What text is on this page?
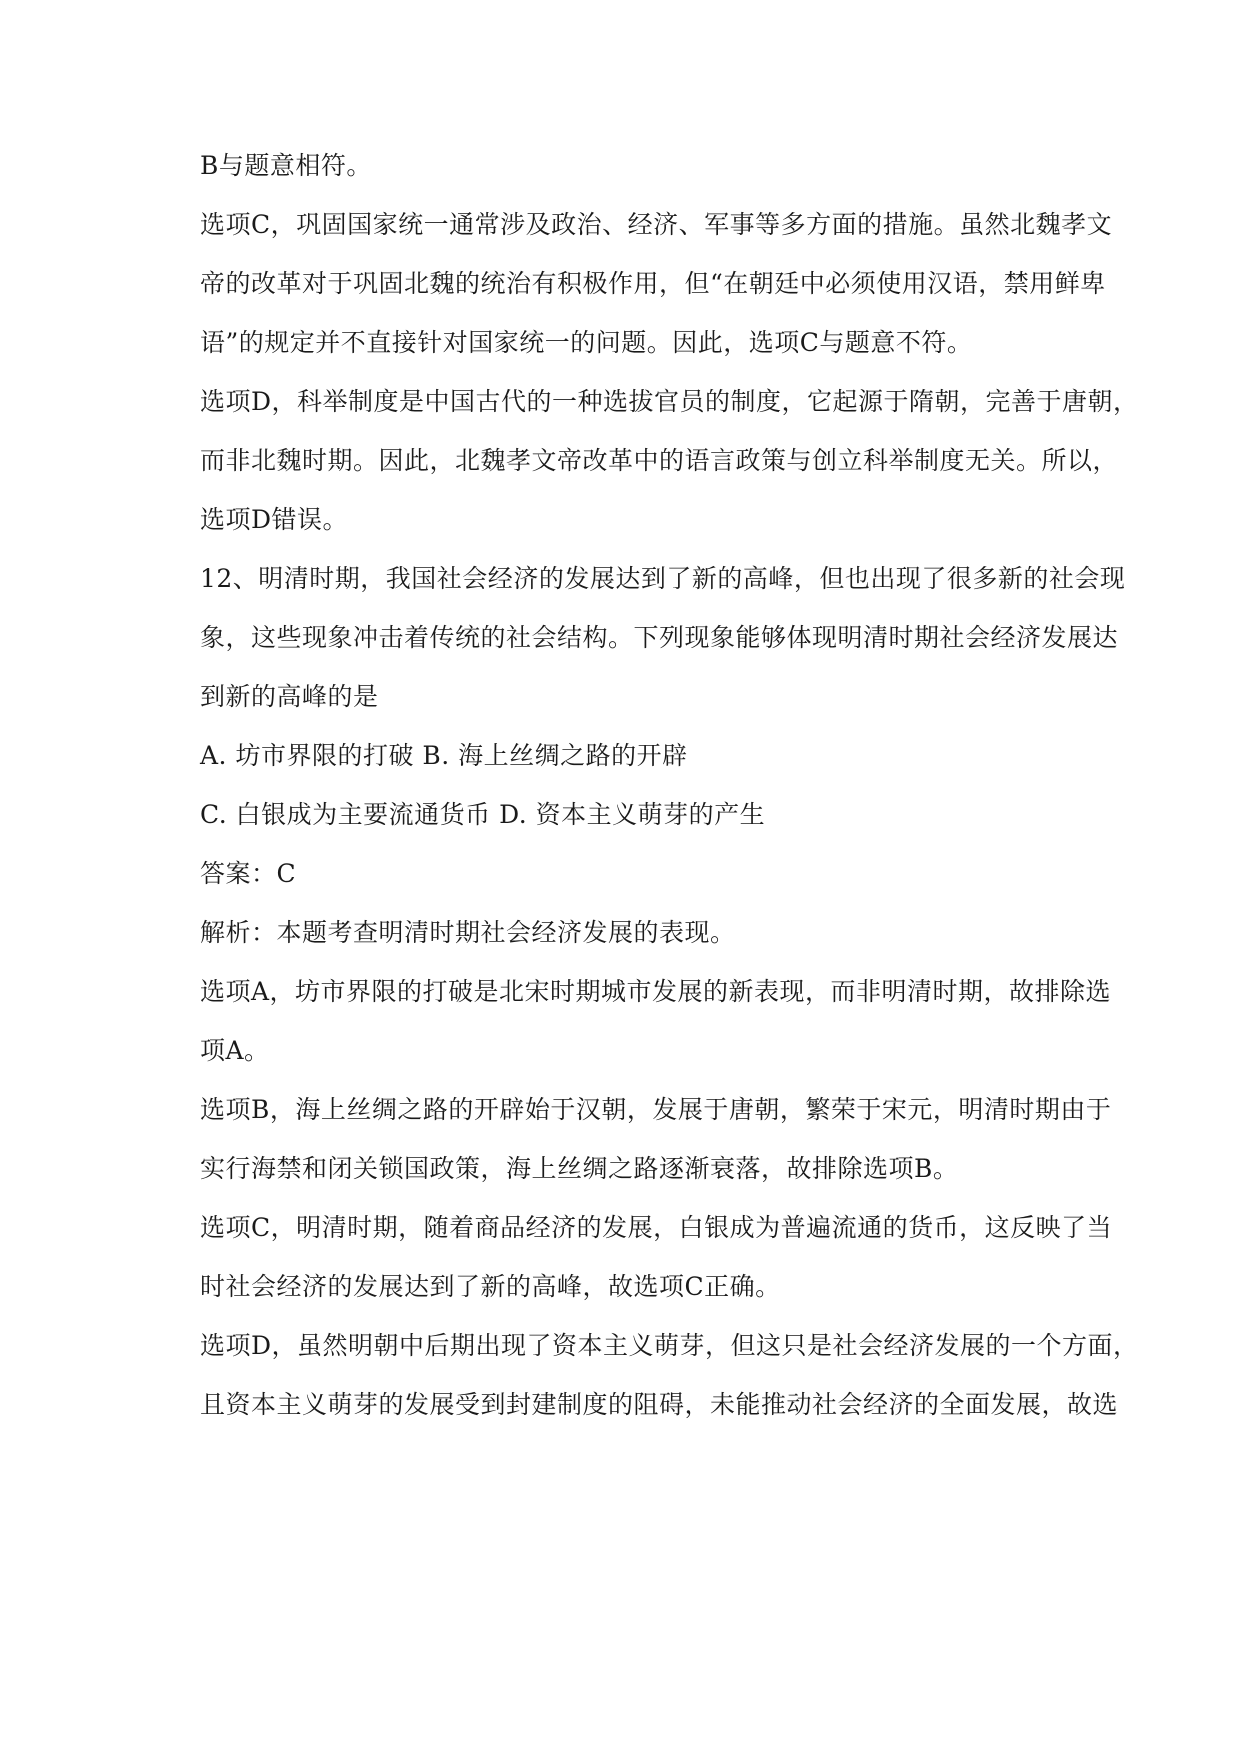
B与题意相符。
选项C，巩固国家统一通常涉及政治、经济、军事等多方面的措施。虽然北魏孝文
帝的改革对于巩固北魏的统治有积极作用，但“在朝廷中必须使用汉语，禁用鲜卑
语”的规定并不直接针对国家统一的问题。因此，选项C与题意不符。
选项D，科举制度是中国古代的一种选拔官员的制度，它起源于隋朝，完善于唐朝，
而非北魏时期。因此，北魏孝文帝改革中的语言政策与创立科举制度无关。所以，
选项D错误。
12、明清时期，我国社会经济的发展达到了新的高峰，但也出现了很多新的社会现
象，这些现象冲击着传统的社会结构。下列现象能够体现明清时期社会经济发展达
到新的高峰的是
A. 坊市界限的打破 B. 海上丝绸之路的开辟
C. 白银成为主要流通货币 D. 资本主义萌芽的产生
答案：C
解析：本题考查明清时期社会经济发展的表现。
选项A，坊市界限的打破是北宋时期城市发展的新表现，而非明清时期，故排除选
项A。
选项B，海上丝绸之路的开辟始于汉朝，发展于唐朝，繁荣于宋元，明清时期由于
实行海禁和闭关锁国政策，海上丝绸之路逐渐衰落，故排除选项B。
选项C，明清时期，随着商品经济的发展，白银成为普遍流通的货币，这反映了当
时社会经济的发展达到了新的高峰，故选项C正确。
选项D，虽然明朝中后期出现了资本主义萌芽，但这只是社会经济发展的一个方面，
且资本主义萌芽的发展受到封建制度的阻碍，未能推动社会经济的全面发展，故选
